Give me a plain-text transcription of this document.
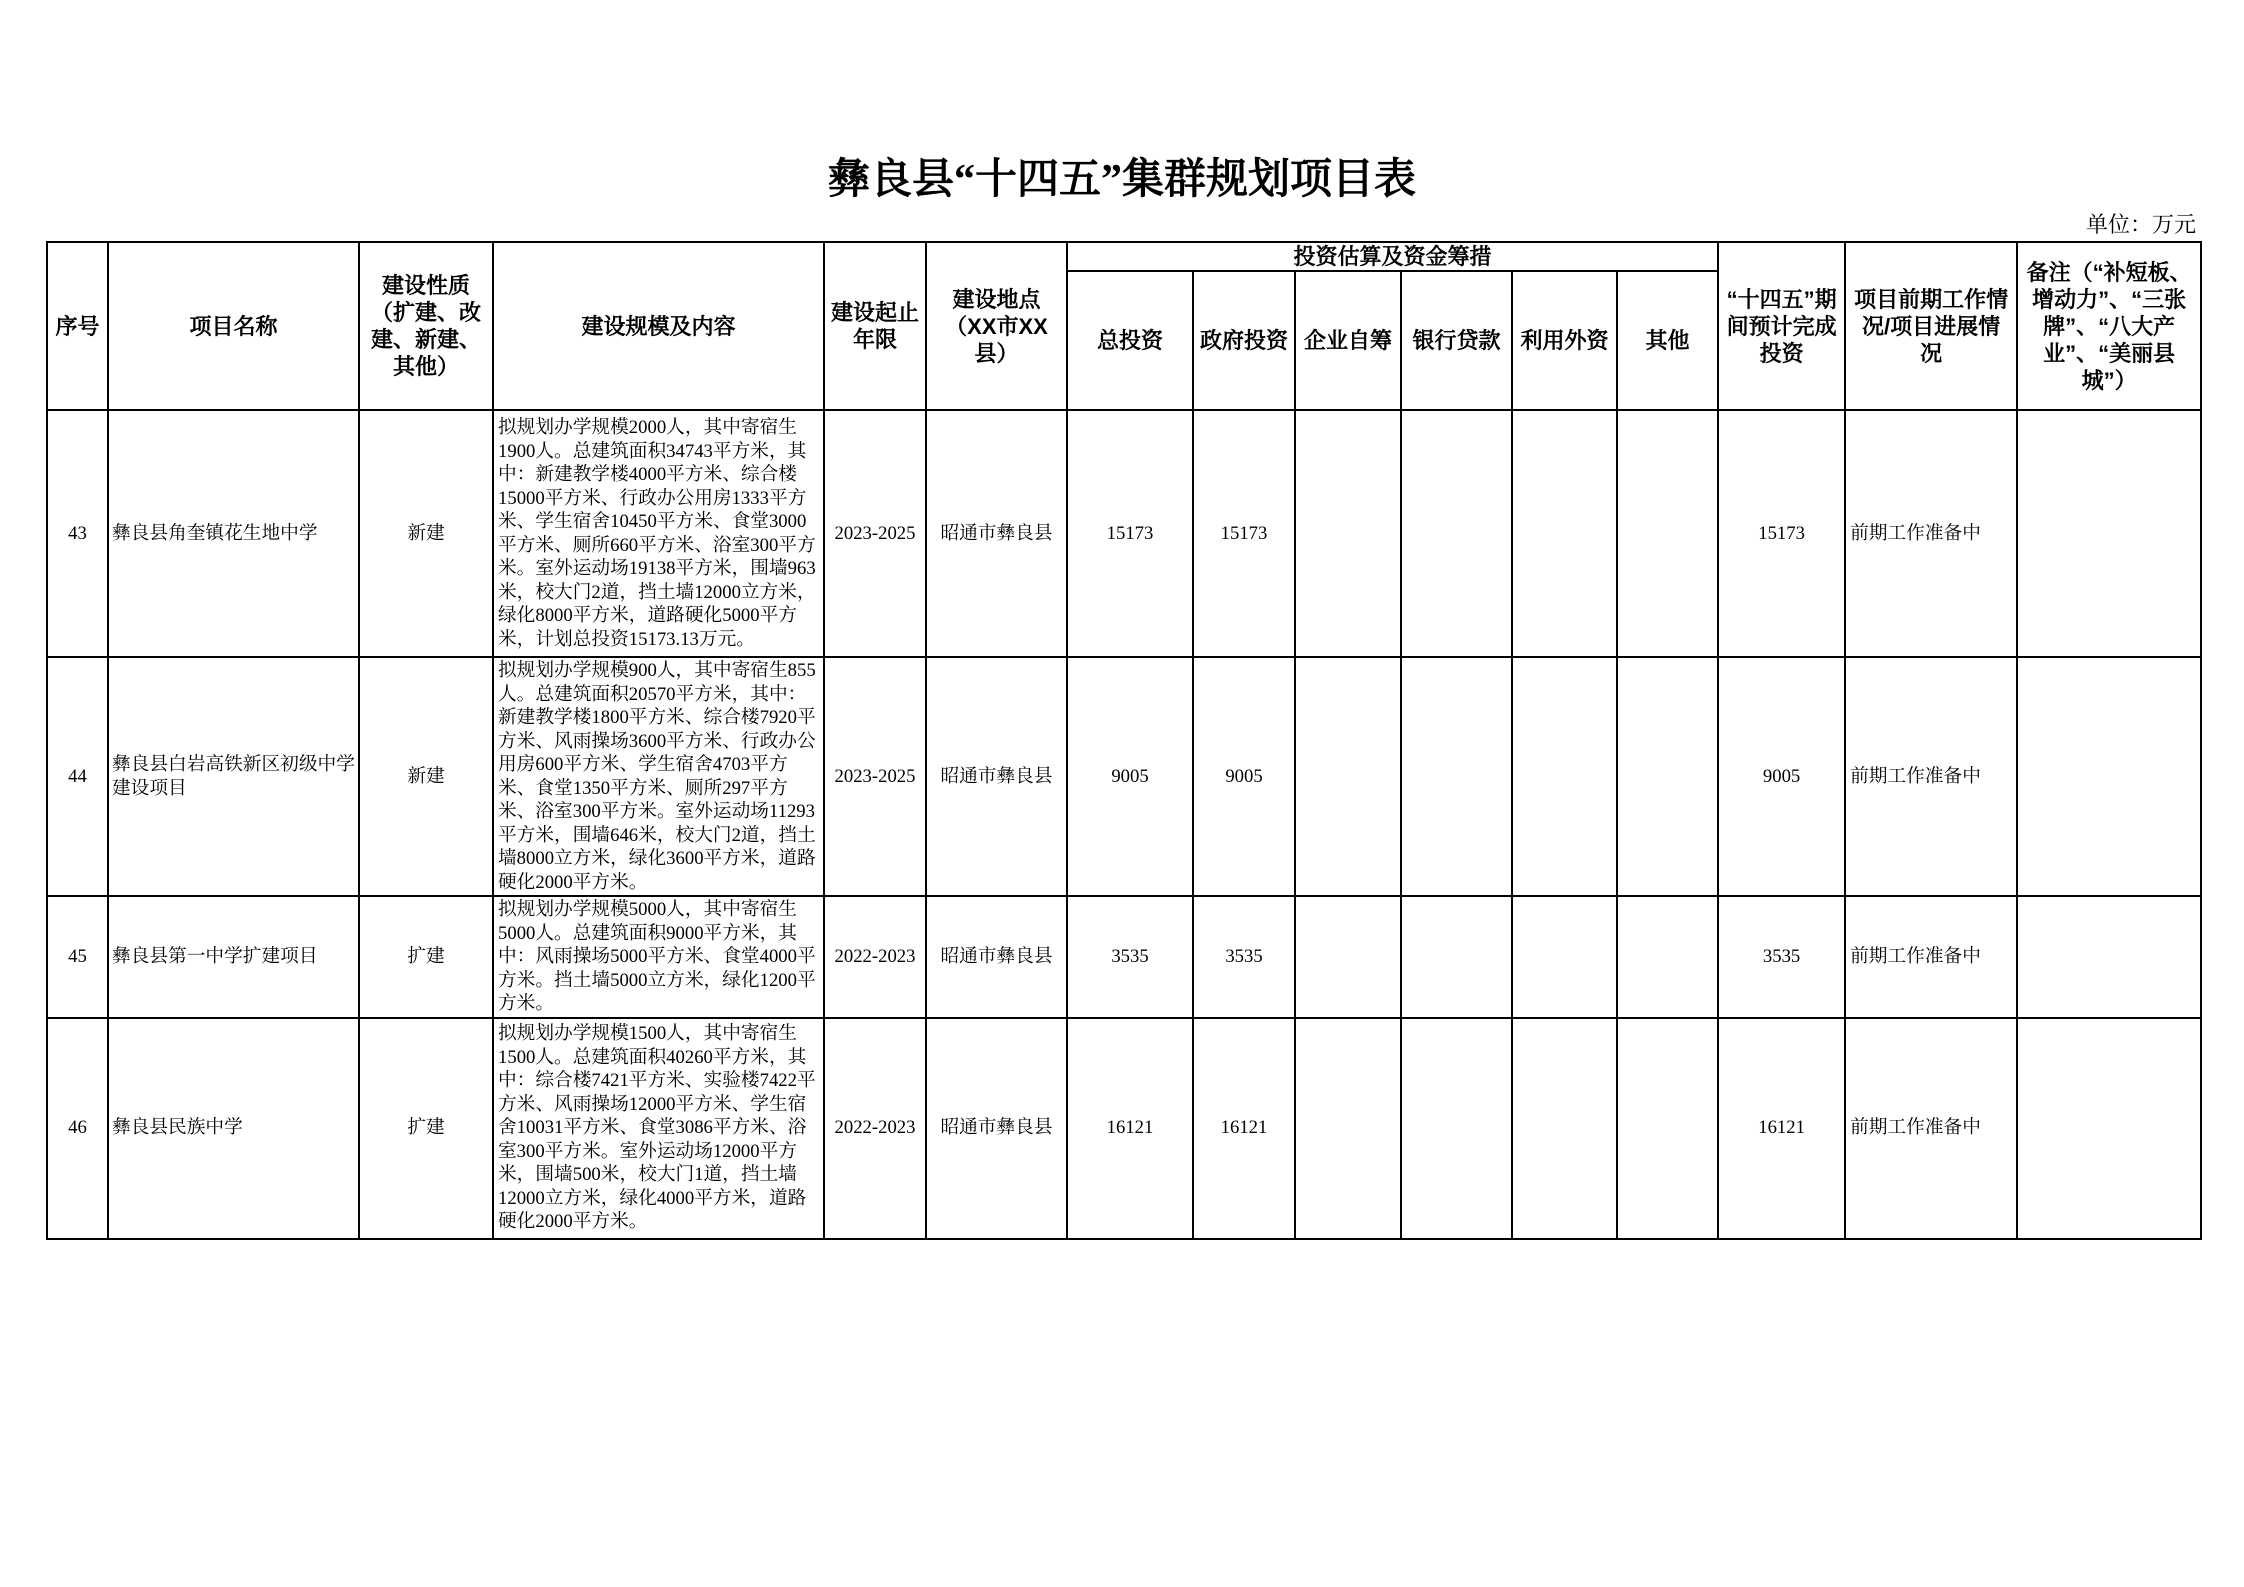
彝良县“十四五”集群规划项目表
单位：万元
序号	项目名称	建设性质（扩建、改建、新建、其他）	建设规模及内容	建设起止年限	建设地点（XX市XX县）	投资估算及资金筹措						“十四五”期间预计完成投资	项目前期工作情况/项目进展情况	备注（“补短板、增动力”、“三张牌”、“八大产业”、“美丽县城”）
						总投资	政府投资	企业自筹	银行贷款	利用外资	其他			
43	彝良县角奎镇花生地中学	新建	拟规划办学规模2000人，其中寄宿生1900人。总建筑面积34743平方米，其中：新建教学楼4000平方米、综合楼15000平方米、行政办公用房1333平方米、学生宿舍10450平方米、食堂3000平方米、厕所660平方米、浴室300平方米。室外运动场19138平方米，围墙963米，校大门2道，挡土墙12000立方米，绿化8000平方米，道路硬化5000平方米，计划总投资15173.13万元。	2023-2025	昭通市彝良县	15173	15173					15173	前期工作准备中	
44	彝良县白岩高铁新区初级中学建设项目	新建	拟规划办学规模900人，其中寄宿生855人。总建筑面积20570平方米，其中：新建教学楼1800平方米、综合楼7920平方米、风雨操场3600平方米、行政办公用房600平方米、学生宿舍4703平方米、食堂1350平方米、厕所297平方米、浴室300平方米。室外运动场11293平方米，围墙646米，校大门2道，挡土墙8000立方米，绿化3600平方米，道路硬化2000平方米。	2023-2025	昭通市彝良县	9005	9005					9005	前期工作准备中	
45	彝良县第一中学扩建项目	扩建	拟规划办学规模5000人，其中寄宿生5000人。总建筑面积9000平方米，其中：风雨操场5000平方米、食堂4000平方米。挡土墙5000立方米，绿化1200平方米。	2022-2023	昭通市彝良县	3535	3535					3535	前期工作准备中	
46	彝良县民族中学	扩建	拟规划办学规模1500人，其中寄宿生1500人。总建筑面积40260平方米，其中：综合楼7421平方米、实验楼7422平方米、风雨操场12000平方米、学生宿舍10031平方米、食堂3086平方米、浴室300平方米。室外运动场12000平方米，围墙500米，校大门1道，挡土墙12000立方米，绿化4000平方米，道路硬化2000平方米。	2022-2023	昭通市彝良县	16121	16121					16121	前期工作准备中	
